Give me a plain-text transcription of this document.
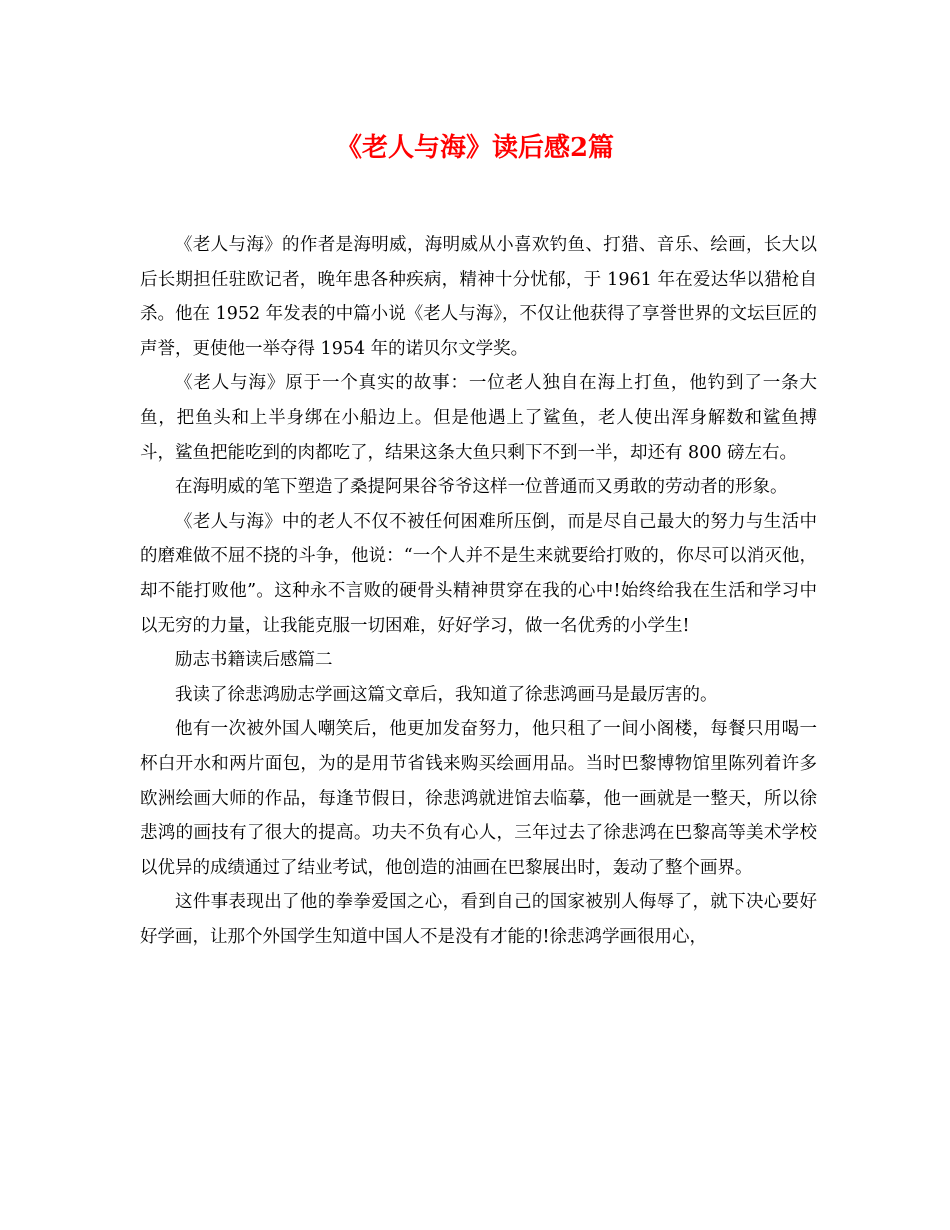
《老人与海》读后感2篇

《老人与海》的作者是海明威，海明威从小喜欢钓鱼、打猎、音乐、绘画，长大以后长期担任驻欧记者，晚年患各种疾病，精神十分忧郁，于 1961 年在爱达华以猎枪自杀。他在 1952 年发表的中篇小说《老人与海》，不仅让他获得了享誉世界的文坛巨匠的声誉，更使他一举夺得 1954 年的诺贝尔文学奖。

《老人与海》原于一个真实的故事：一位老人独自在海上打鱼，他钓到了一条大鱼，把鱼头和上半身绑在小船边上。但是他遇上了鲨鱼，老人使出浑身解数和鲨鱼搏斗，鲨鱼把能吃到的肉都吃了，结果这条大鱼只剩下不到一半，却还有 800 磅左右。

在海明威的笔下塑造了桑提阿果谷爷爷这样一位普通而又勇敢的劳动者的形象。

《老人与海》中的老人不仅不被任何困难所压倒，而是尽自己最大的努力与生活中的磨难做不屈不挠的斗争，他说：“一个人并不是生来就要给打败的，你尽可以消灭他，却不能打败他”。这种永不言败的硬骨头精神贯穿在我的心中!始终给我在生活和学习中以无穷的力量，让我能克服一切困难，好好学习，做一名优秀的小学生!

励志书籍读后感篇二

我读了徐悲鸿励志学画这篇文章后，我知道了徐悲鸿画马是最厉害的。

他有一次被外国人嘲笑后，他更加发奋努力，他只租了一间小阁楼，每餐只用喝一杯白开水和两片面包，为的是用节省钱来购买绘画用品。当时巴黎博物馆里陈列着许多欧洲绘画大师的作品，每逢节假日，徐悲鸿就进馆去临摹，他一画就是一整天，所以徐悲鸿的画技有了很大的提高。功夫不负有心人，三年过去了徐悲鸿在巴黎高等美术学校以优异的成绩通过了结业考试，他创造的油画在巴黎展出时，轰动了整个画界。

这件事表现出了他的拳拳爱国之心，看到自己的国家被别人侮辱了，就下决心要好好学画，让那个外国学生知道中国人不是没有才能的!徐悲鸿学画很用心，
